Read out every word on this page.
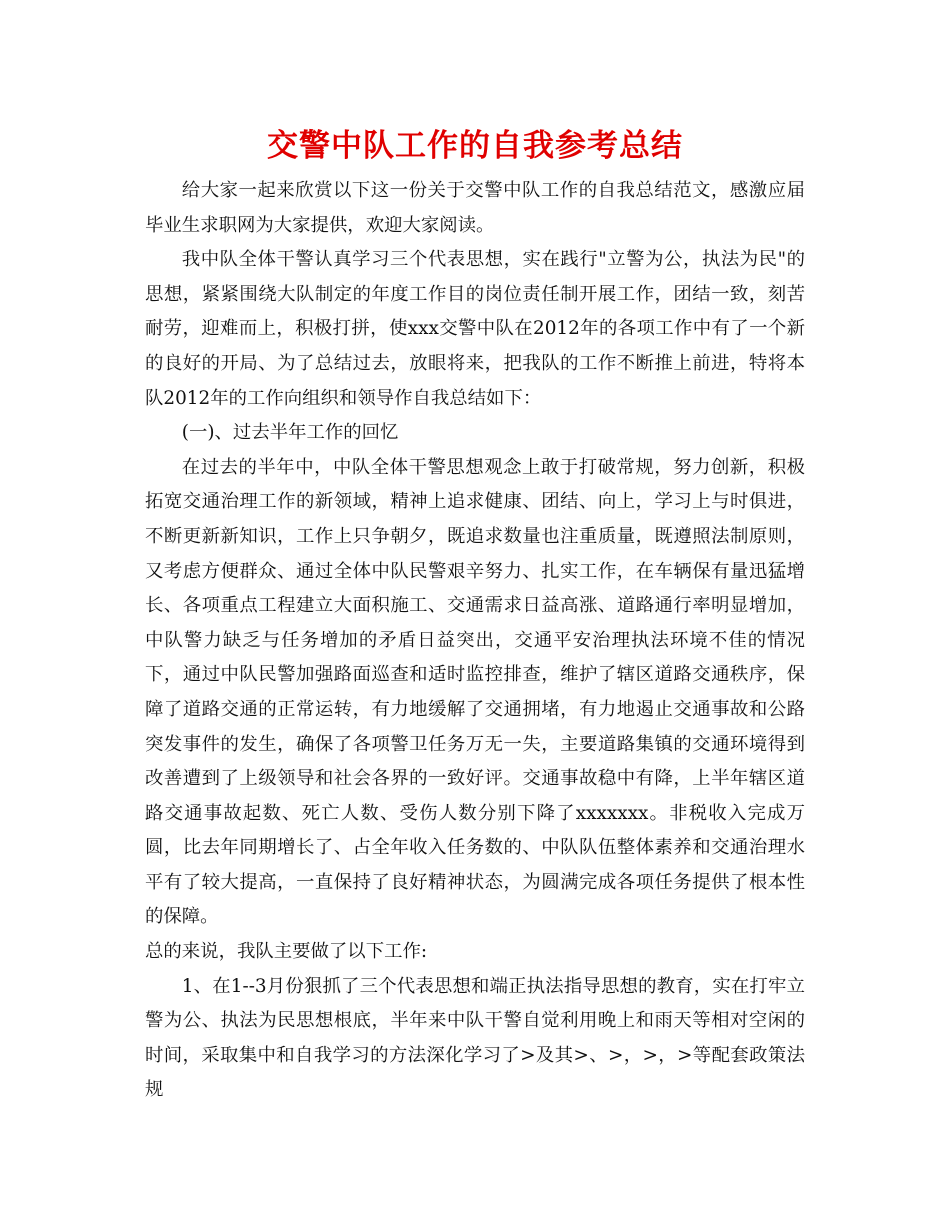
交警中队工作的自我参考总结

给大家一起来欣赏以下这一份关于交警中队工作的自我总结范文，感激应届毕业生求职网为大家提供，欢迎大家阅读。

我中队全体干警认真学习三个代表思想，实在践行"立警为公，执法为民"的思想，紧紧围绕大队制定的年度工作目的岗位责任制开展工作，团结一致，刻苦耐劳，迎难而上，积极打拼，使xxx交警中队在2012年的各项工作中有了一个新的良好的开局、为了总结过去，放眼将来，把我队的工作不断推上前进，特将本队2012年的工作向组织和领导作自我总结如下：

(一)、过去半年工作的回忆

在过去的半年中，中队全体干警思想观念上敢于打破常规，努力创新，积极拓宽交通治理工作的新领域，精神上追求健康、团结、向上，学习上与时俱进，不断更新新知识，工作上只争朝夕，既追求数量也注重质量，既遵照法制原则，又考虑方便群众、通过全体中队民警艰辛努力、扎实工作，在车辆保有量迅猛增长、各项重点工程建立大面积施工、交通需求日益高涨、道路通行率明显增加，中队警力缺乏与任务增加的矛盾日益突出，交通平安治理执法环境不佳的情况下，通过中队民警加强路面巡查和适时监控排查，维护了辖区道路交通秩序，保障了道路交通的正常运转，有力地缓解了交通拥堵，有力地遏止交通事故和公路突发事件的发生，确保了各项警卫任务万无一失，主要道路集镇的交通环境得到改善遭到了上级领导和社会各界的一致好评。交通事故稳中有降，上半年辖区道路交通事故起数、死亡人数、受伤人数分别下降了xxxxxxx。非税收入完成万圆，比去年同期增长了、占全年收入任务数的、中队队伍整体素养和交通治理水平有了较大提高，一直保持了良好精神状态，为圆满完成各项任务提供了根本性的保障。

总的来说，我队主要做了以下工作:

1、在1--3月份狠抓了三个代表思想和端正执法指导思想的教育，实在打牢立警为公、执法为民思想根底，半年来中队干警自觉利用晚上和雨天等相对空闲的时间，采取集中和自我学习的方法深化学习了>及其>、>，>，>等配套政策法规
